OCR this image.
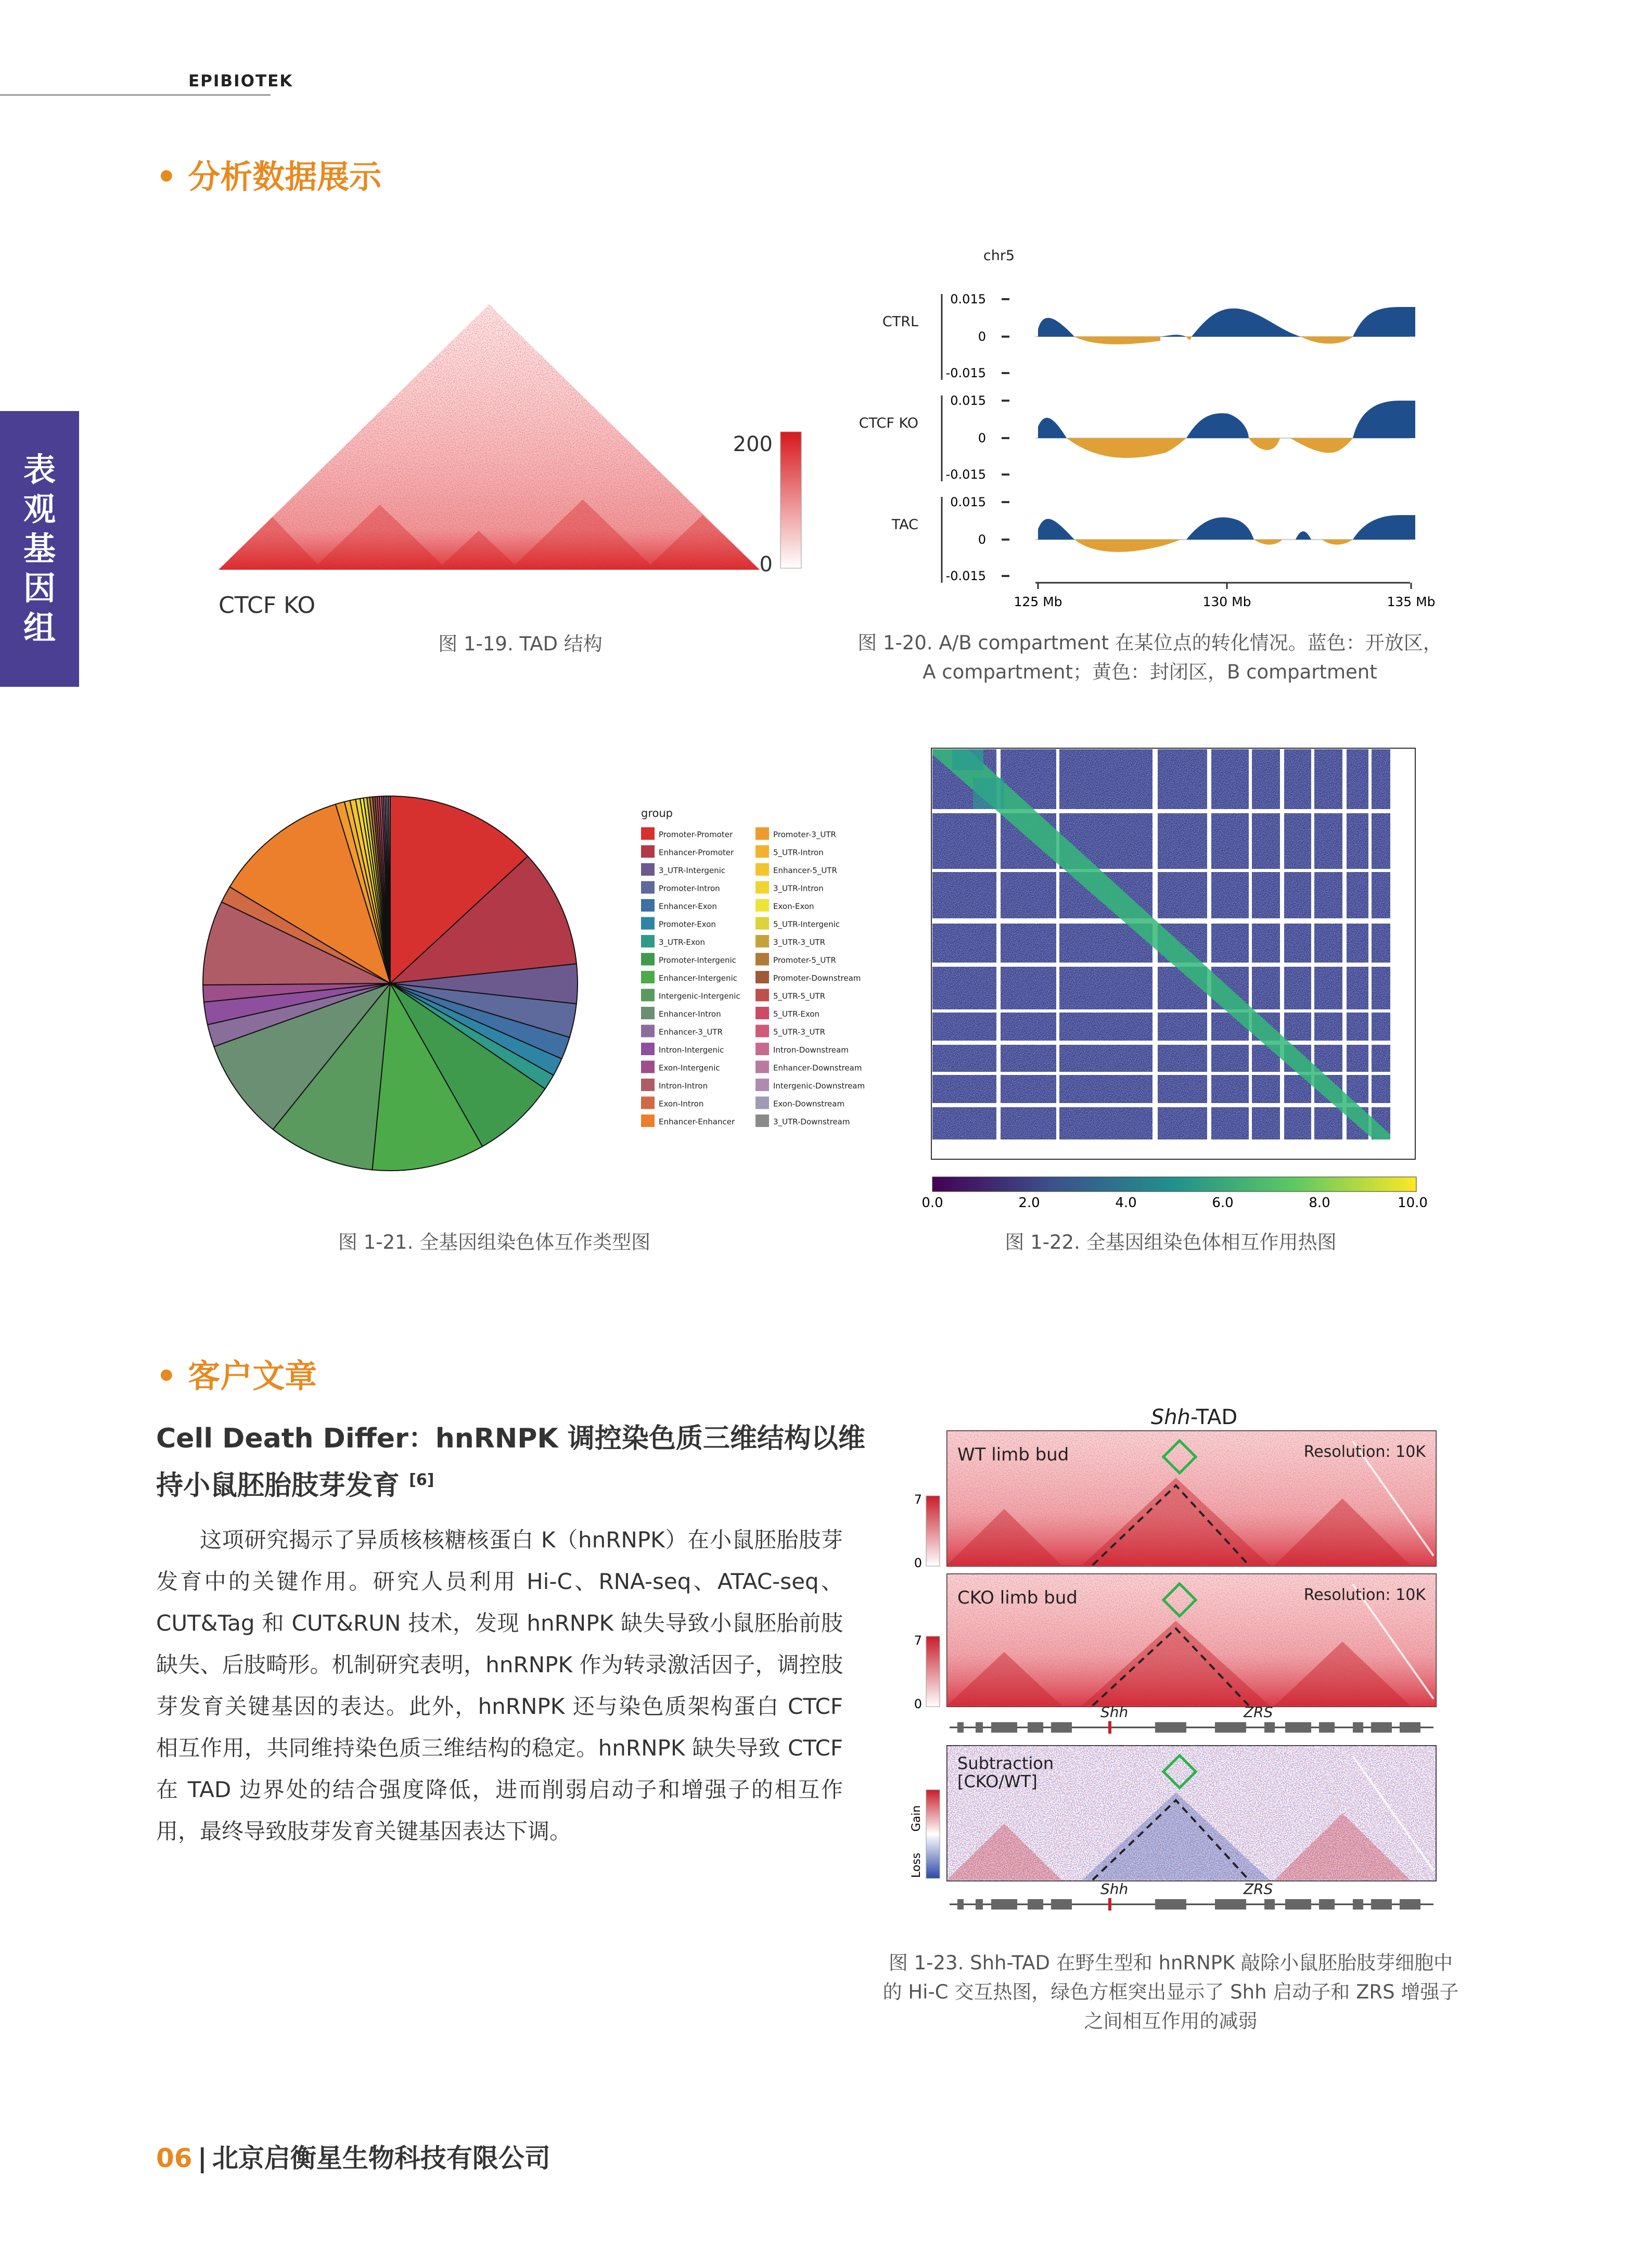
EPIBIOTEK
表
观
基
因
组
• 分析数据展示
200
0
CTCF KO
图 1-19. TAD 结构
chr5
CTRL
0.015
0
-0.015
CTCF KO
0.015
0
-0.015
TAC
0.015
0
-0.015
125 Mb	130 Mb	135 Mb
图 1-20. A/B compartment 在某位点的转化情况。蓝色：开放区，
A compartment；黄色：封闭区，B compartment
group
Promoter-Promoter
Enhancer-Promoter
3_UTR-Intergenic
Promoter-Intron
Enhancer-Exon
Promoter-Exon
3_UTR-Exon
Promoter-Intergenic
Enhancer-Intergenic
Intergenic-Intergenic
Enhancer-Intron
Enhancer-3_UTR
Intron-Intergenic
Exon-Intergenic
Intron-Intron
Exon-Intron
Enhancer-Enhancer
Promoter-3_UTR
5_UTR-Intron
Enhancer-5_UTR
3_UTR-Intron
Exon-Exon
5_UTR-Intergenic
3_UTR-3_UTR
Promoter-5_UTR
Promoter-Downstream
5_UTR-5_UTR
5_UTR-Exon
5_UTR-3_UTR
Intron-Downstream
Enhancer-Downstream
Intergenic-Downstream
Exon-Downstream
3_UTR-Downstream
图 1-21. 全基因组染色体互作类型图
0.0	2.0	4.0	6.0	8.0	10.0
图 1-22. 全基因组染色体相互作用热图
• 客户文章
Cell Death Differ：hnRNPK 调控染色质三维结构以维
持小鼠胚胎肢芽发育 [6]
这项研究揭示了异质核核糖核蛋白 K（hnRNPK）在小鼠胚胎肢芽发育中的关键作用。研究人员利用 Hi-C、RNA-seq、ATAC-seq、CUT&Tag 和 CUT&RUN 技术，发现 hnRNPK 缺失导致小鼠胚胎前肢缺失、后肢畸形。机制研究表明，hnRNPK 作为转录激活因子，调控肢芽发育关键基因的表达。此外，hnRNPK 还与染色质架构蛋白 CTCF 相互作用，共同维持染色质三维结构的稳定。hnRNPK 缺失导致 CTCF 在 TAD 边界处的结合强度降低，进而削弱启动子和增强子的相互作用，最终导致肢芽发育关键基因表达下调。
Shh-TAD
WT limb bud	Resolution: 10K
7
0
CKO limb bud	Resolution: 10K
7
0	Shh	ZRS
Subtraction
[CKO/WT]
Gain
Loss
Shh	ZRS
图 1-23. Shh-TAD 在野生型和 hnRNPK 敲除小鼠胚胎肢芽细胞中
的 Hi-C 交互热图，绿色方框突出显示了 Shh 启动子和 ZRS 增强子
之间相互作用的减弱
06 | 北京启衡星生物科技有限公司
